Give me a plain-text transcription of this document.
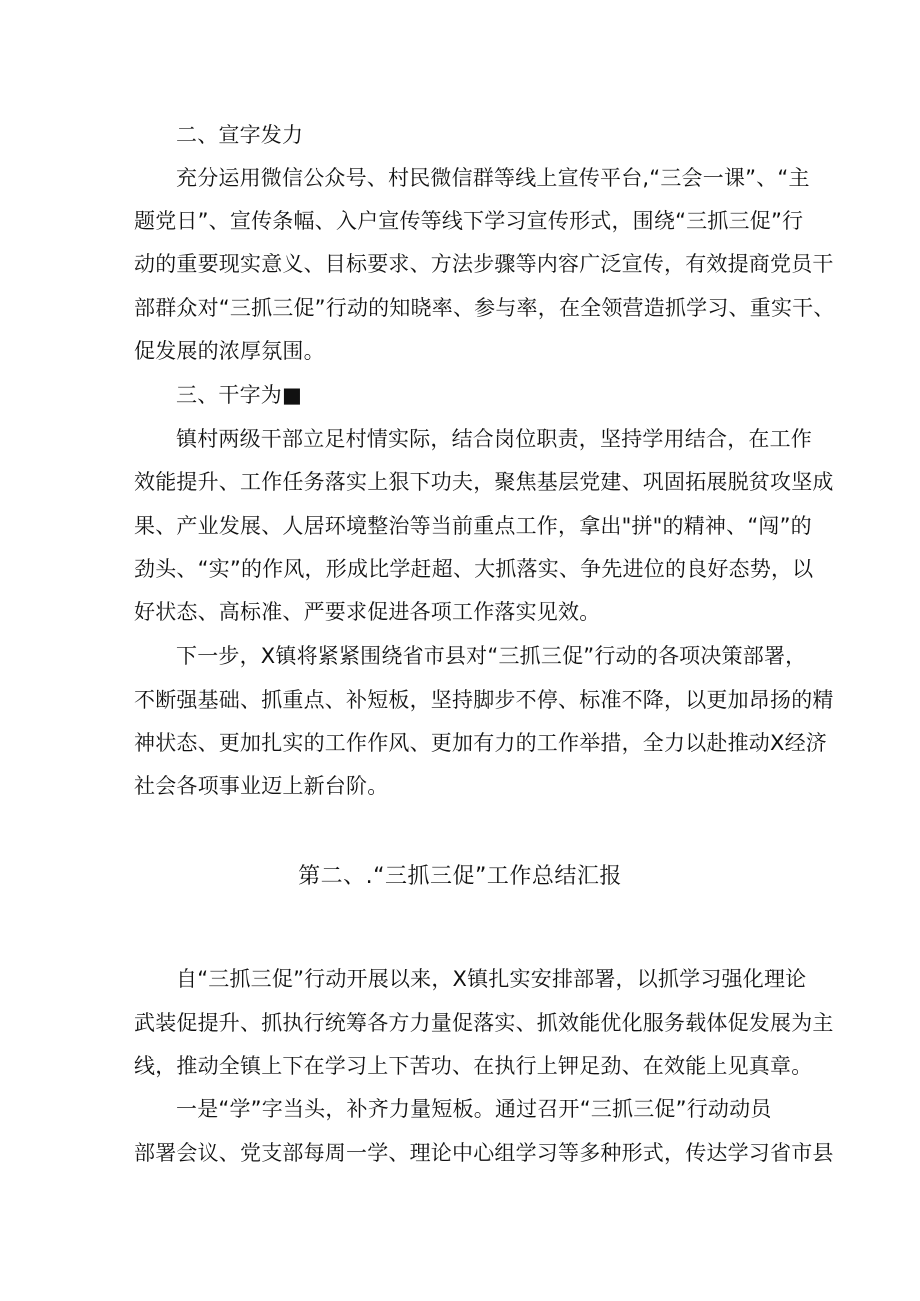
二、宣字发力
充分运用微信公众号、村民微信群等线上宣传平台,“三会一课”、“主
题党日”、宣传条幅、入户宣传等线下学习宣传形式，围绕“三抓三促”行
动的重要现实意义、目标要求、方法步骤等内容广泛宣传，有效提商党员干
部群众对“三抓三促”行动的知晓率、参与率，在全领营造抓学习、重实干、
促发展的浓厚氛围。
三、干字为■
镇村两级干部立足村情实际，结合岗位职责，坚持学用结合，在工作
效能提升、工作任务落实上狠下功夫，聚焦基层党建、巩固拓展脱贫攻坚成
果、产业发展、人居环境整治等当前重点工作，拿出"拼"的精神、“闯”的
劲头、“实”的作风，形成比学赶超、大抓落实、争先进位的良好态势，以
好状态、高标准、严要求促进各项工作落实见效。
下一步，X镇将紧紧围绕省市县对“三抓三促”行动的各项决策部署，
不断强基础、抓重点、补短板，坚持脚步不停、标准不降，以更加昂扬的精
神状态、更加扎实的工作作风、更加有力的工作举措，全力以赴推动X经济
社会各项事业迈上新台阶。
第二、.“三抓三促”工作总结汇报
自“三抓三促”行动开展以来，X镇扎实安排部署，以抓学习强化理论
武装促提升、抓执行统筹各方力量促落实、抓效能优化服务载体促发展为主
线，推动全镇上下在学习上下苦功、在执行上钾足劲、在效能上见真章。
一是“学”字当头，补齐力量短板。通过召开“三抓三促”行动动员
部署会议、党支部每周一学、理论中心组学习等多种形式，传达学习省市县
